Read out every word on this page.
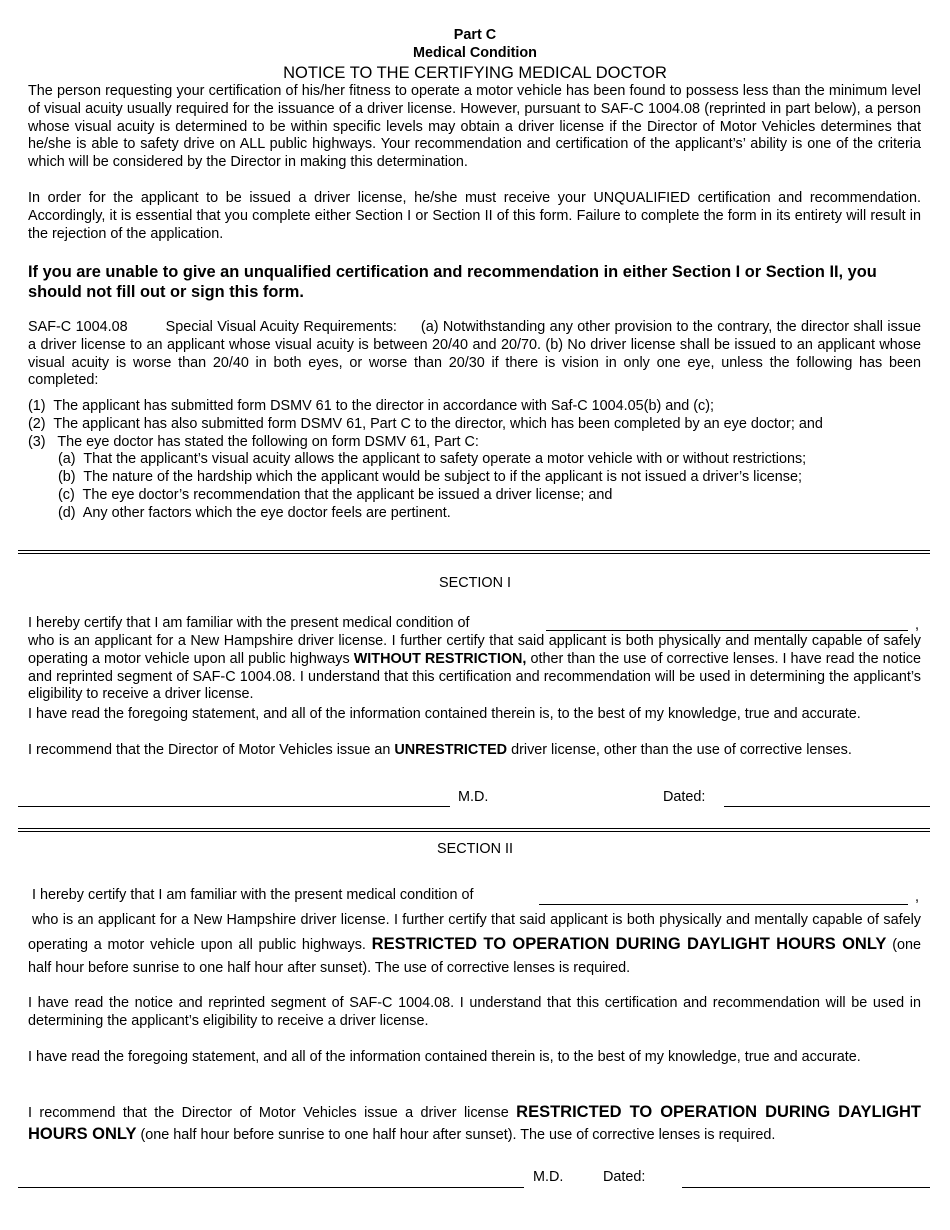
Part C
Medical Condition
NOTICE TO THE CERTIFYING MEDICAL DOCTOR

The person requesting your certification of his/her fitness to operate a motor vehicle has been found to possess less than the minimum level of visual acuity usually required for the issuance of a driver license. However, pursuant to SAF-C 1004.08 (reprinted in part below), a person whose visual acuity is determined to be within specific levels may obtain a driver license if the Director of Motor Vehicles determines that he/she is able to safety drive on ALL public highways. Your recommendation and certification of the applicant’s’ ability is one of the criteria which will be considered by the Director in making this determination.

In order for the applicant to be issued a driver license, he/she must receive your UNQUALIFIED certification and recommendation. Accordingly, it is essential that you complete either Section I or Section II of this form. Failure to complete the form in its entirety will result in the rejection of the application.

If you are unable to give an unqualified certification and recommendation in either Section I or Section II, you should not fill out or sign this form.

SAF-C 1004.08	Special Visual Acuity Requirements: (a) Notwithstanding any other provision to the contrary, the director shall issue a driver license to an applicant whose visual acuity is between 20/40 and 20/70. (b) No driver license shall be issued to an applicant whose visual acuity is worse than 20/40 in both eyes, or worse than 20/30 if there is vision in only one eye, unless the following has been completed:

(1) The applicant has submitted form DSMV 61 to the director in accordance with Saf-C 1004.05(b) and (c);
(2) The applicant has also submitted form DSMV 61, Part C to the director, which has been completed by an eye doctor; and
(3) The eye doctor has stated the following on form DSMV 61, Part C:
(a) That the applicant’s visual acuity allows the applicant to safety operate a motor vehicle with or without restrictions;
(b) The nature of the hardship which the applicant would be subject to if the applicant is not issued a driver’s license;
(c) The eye doctor’s recommendation that the applicant be issued a driver license; and
(d) Any other factors which the eye doctor feels are pertinent.
SECTION I
I hereby certify that I am familiar with the present medical condition of	,

who is an applicant for a New Hampshire driver license. I further certify that said applicant is both physically and mentally capable of safely operating a motor vehicle upon all public highways WITHOUT RESTRICTION, other than the use of corrective lenses. I have read the notice and reprinted segment of SAF-C 1004.08. I understand that this certification and recommendation will be used in determining the applicant’s eligibility to receive a driver license.

I have read the foregoing statement, and all of the information contained therein is, to the best of my knowledge, true and accurate.

I recommend that the Director of Motor Vehicles issue an UNRESTRICTED driver license, other than the use of corrective lenses.

M.D.	Dated:
SECTION II
I hereby certify that I am familiar with the present medical condition of	,

who is an applicant for a New Hampshire driver license. I further certify that said applicant is both physically and mentally capable of safely operating a motor vehicle upon all public highways. RESTRICTED TO OPERATION DURING DAYLIGHT HOURS ONLY (one half hour before sunrise to one half hour after sunset). The use of corrective lenses is required.

I have read the notice and reprinted segment of SAF-C 1004.08. I understand that this certification and recommendation will be used in determining the applicant’s eligibility to receive a driver license.

I have read the foregoing statement, and all of the information contained therein is, to the best of my knowledge, true and accurate.

I recommend that the Director of Motor Vehicles issue a driver license RESTRICTED TO OPERATION DURING DAYLIGHT HOURS ONLY (one half hour before sunrise to one half hour after sunset). The use of corrective lenses is required.

M.D.	Dated:
